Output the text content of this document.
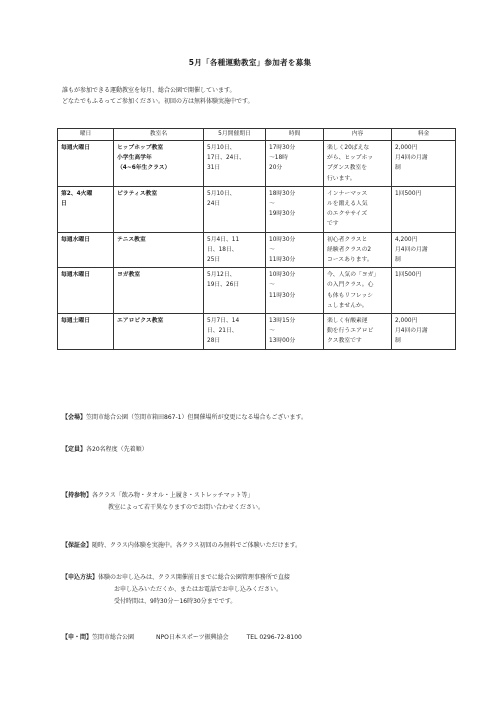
5月「各種運動教室」参加者を募集
誰もが参加できる運動教室を毎月、総合公園で開催しています。
どなたでもふるってご参加ください。初回の方は無料体験実施中です。
曜日	教室名	5月開催期日	時間	内容	料金

毎週火曜日	ヒップホップ教室
小学生高学年
（4~6年生クラス）	5月10日、
17日、24日、
31日	17時30分
～18時
20分	楽しく20ぱえな
がら、ヒップホッ
プダンス教室を
行います。	2,000円
月4回の月謝
制

第2、4火曜
日	ピラティス教室	5月10日、
24日	18時30分
～
19時30分	インナーマッス
ルを鍛える人気
のエクササイズ
です	1回500円

毎週水曜日	テニス教室	5月4日、11
日、18日、
25日	10時30分
～
11時30分	初心者クラスと
経験者クラスの2
コースあります。	4,200円
月4回の月謝
制

毎週木曜日	ヨガ教室	5月12日、
19日、26日	10時30分
～
11時30分	今、人気の「ヨガ」
の入門クラス。心
も体もリフレッシ
ュしませんか。	1回500円

毎週土曜日	エアロビクス教室	5月7日、14
日、21日、
28日	13時15分
～
13時00分	楽しく有酸素運
動を行うエアロビ
クス教室です	2,000円
月4回の月謝
制
【会場】笠間市総合公園（笠間市箱田867-1）但開催場所が変更になる場合もございます。
【定員】各20名程度（先着順）
【持参物】各クラス「飲み物・タオル・上履き・ストレッチマット等」
教室によって若干異なりますのでお問い合わせください。
【保証金】随時、クラス内体験を実施中。各クラス初回のみ無料でご体験いただけます。
【申込方法】体験のお申し込みは、クラス開催前日までに総合公園管理事務所で直接
お申し込みいただくか、またはお電話でお申し込みください。
受付時間は、9時30分～16時30分までです。
【申・問】笠間市総合公園	NPO日本スポーツ振興協会	TEL 0296-72-8100
